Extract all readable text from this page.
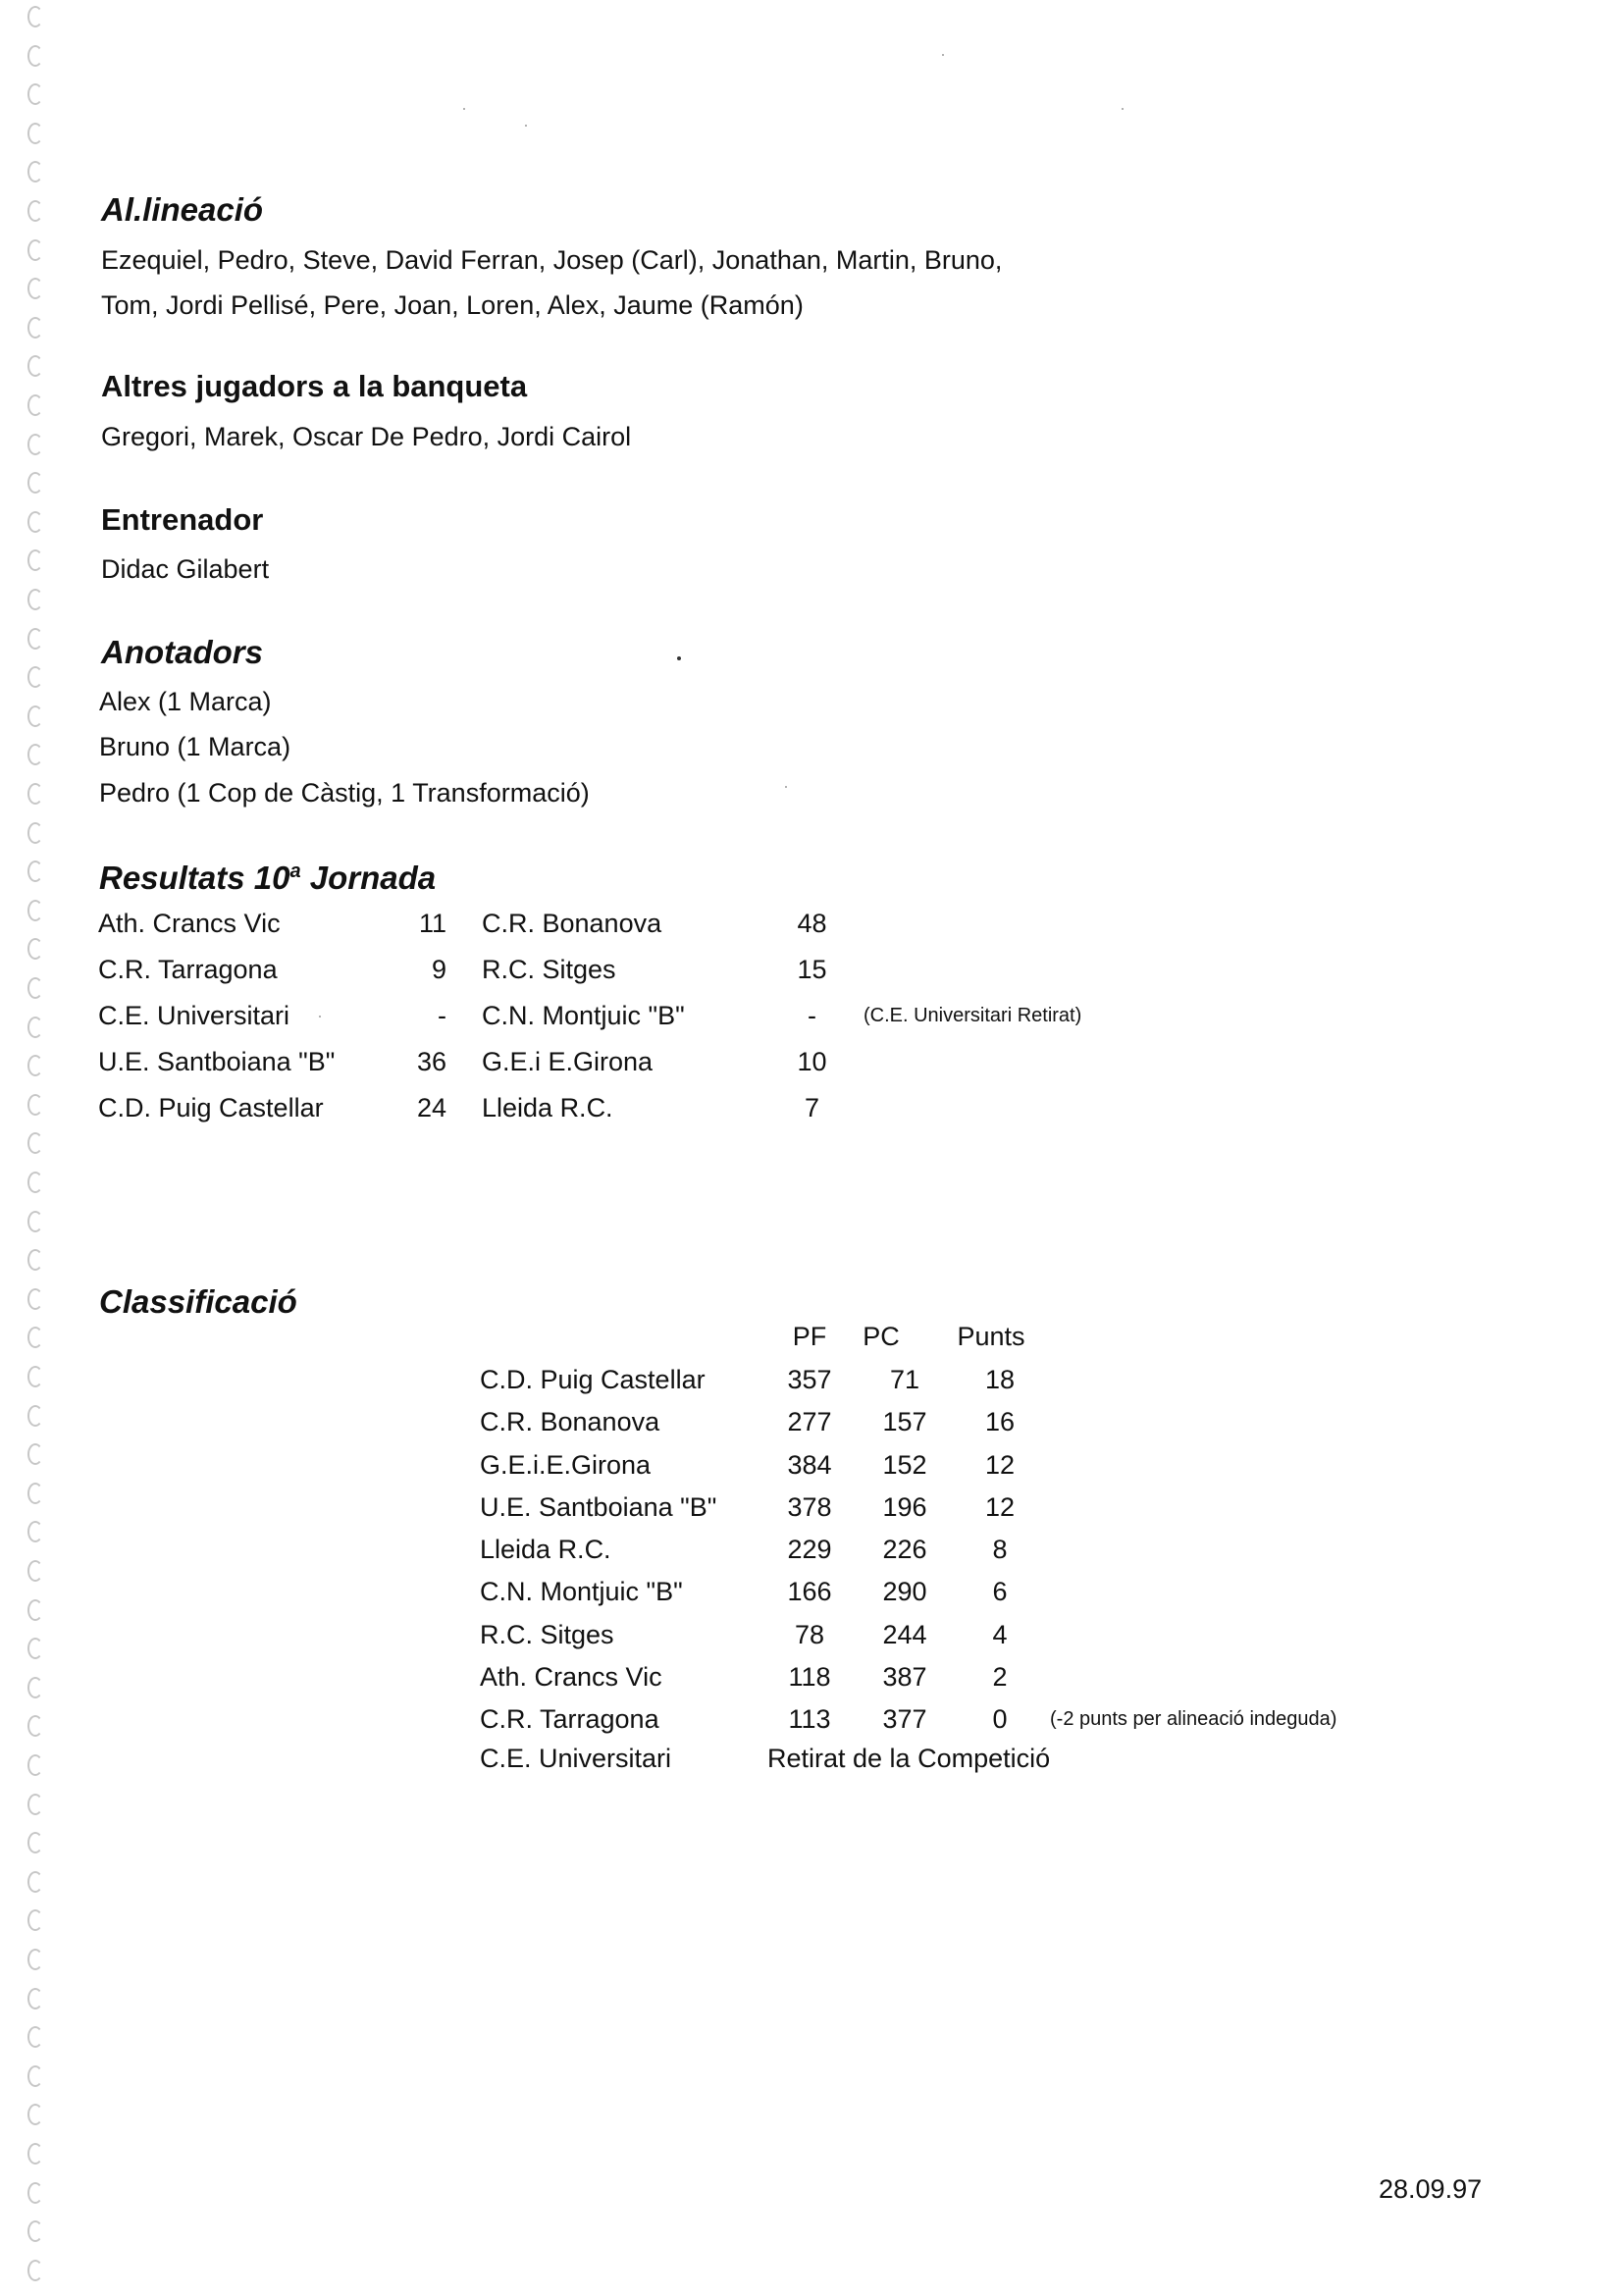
Al.lineació
Ezequiel, Pedro, Steve, David Ferran, Josep (Carl), Jonathan, Martin, Bruno,
Tom, Jordi Pellisé, Pere, Joan, Loren, Alex, Jaume (Ramón)
Altres jugadors a la banqueta
Gregori, Marek, Oscar De Pedro, Jordi Cairol
Entrenador
Didac Gilabert
Anotadors
Alex (1 Marca)
Bruno (1 Marca)
Pedro (1 Cop de Càstig, 1 Transformació)
Resultats 10$^a$ Jornada
Ath. Crancs Vic	11 C.R. Bonanova	48
C.R. Tarragona	9 R.C. Sitges	15
C.E. Universitari	- C.N. Montjuic "B"	-	(C.E. Universitari Retirat)
U.E. Santboiana "B"	36 G.E.i E.Girona	10
C.D. Puig Castellar	24 Lleida R.C.	7
Classificació
PF	PC	Punts
C.D. Puig Castellar	357	71	18
C.R. Bonanova	277 157	16
G.E.i.E.Girona	384 152	12
U.E. Santboiana "B"	378 196	12
Lleida R.C.	229 226	8
C.N. Montjuic "B"	166 290	6
R.C. Sitges	78	244	4
Ath. Crancs Vic	118	387	2
C.R. Tarragona	113	377	0	(-2 punts per alineació indeguda)
C.E. Universitari	Retirat de la Competició
28.09.97
